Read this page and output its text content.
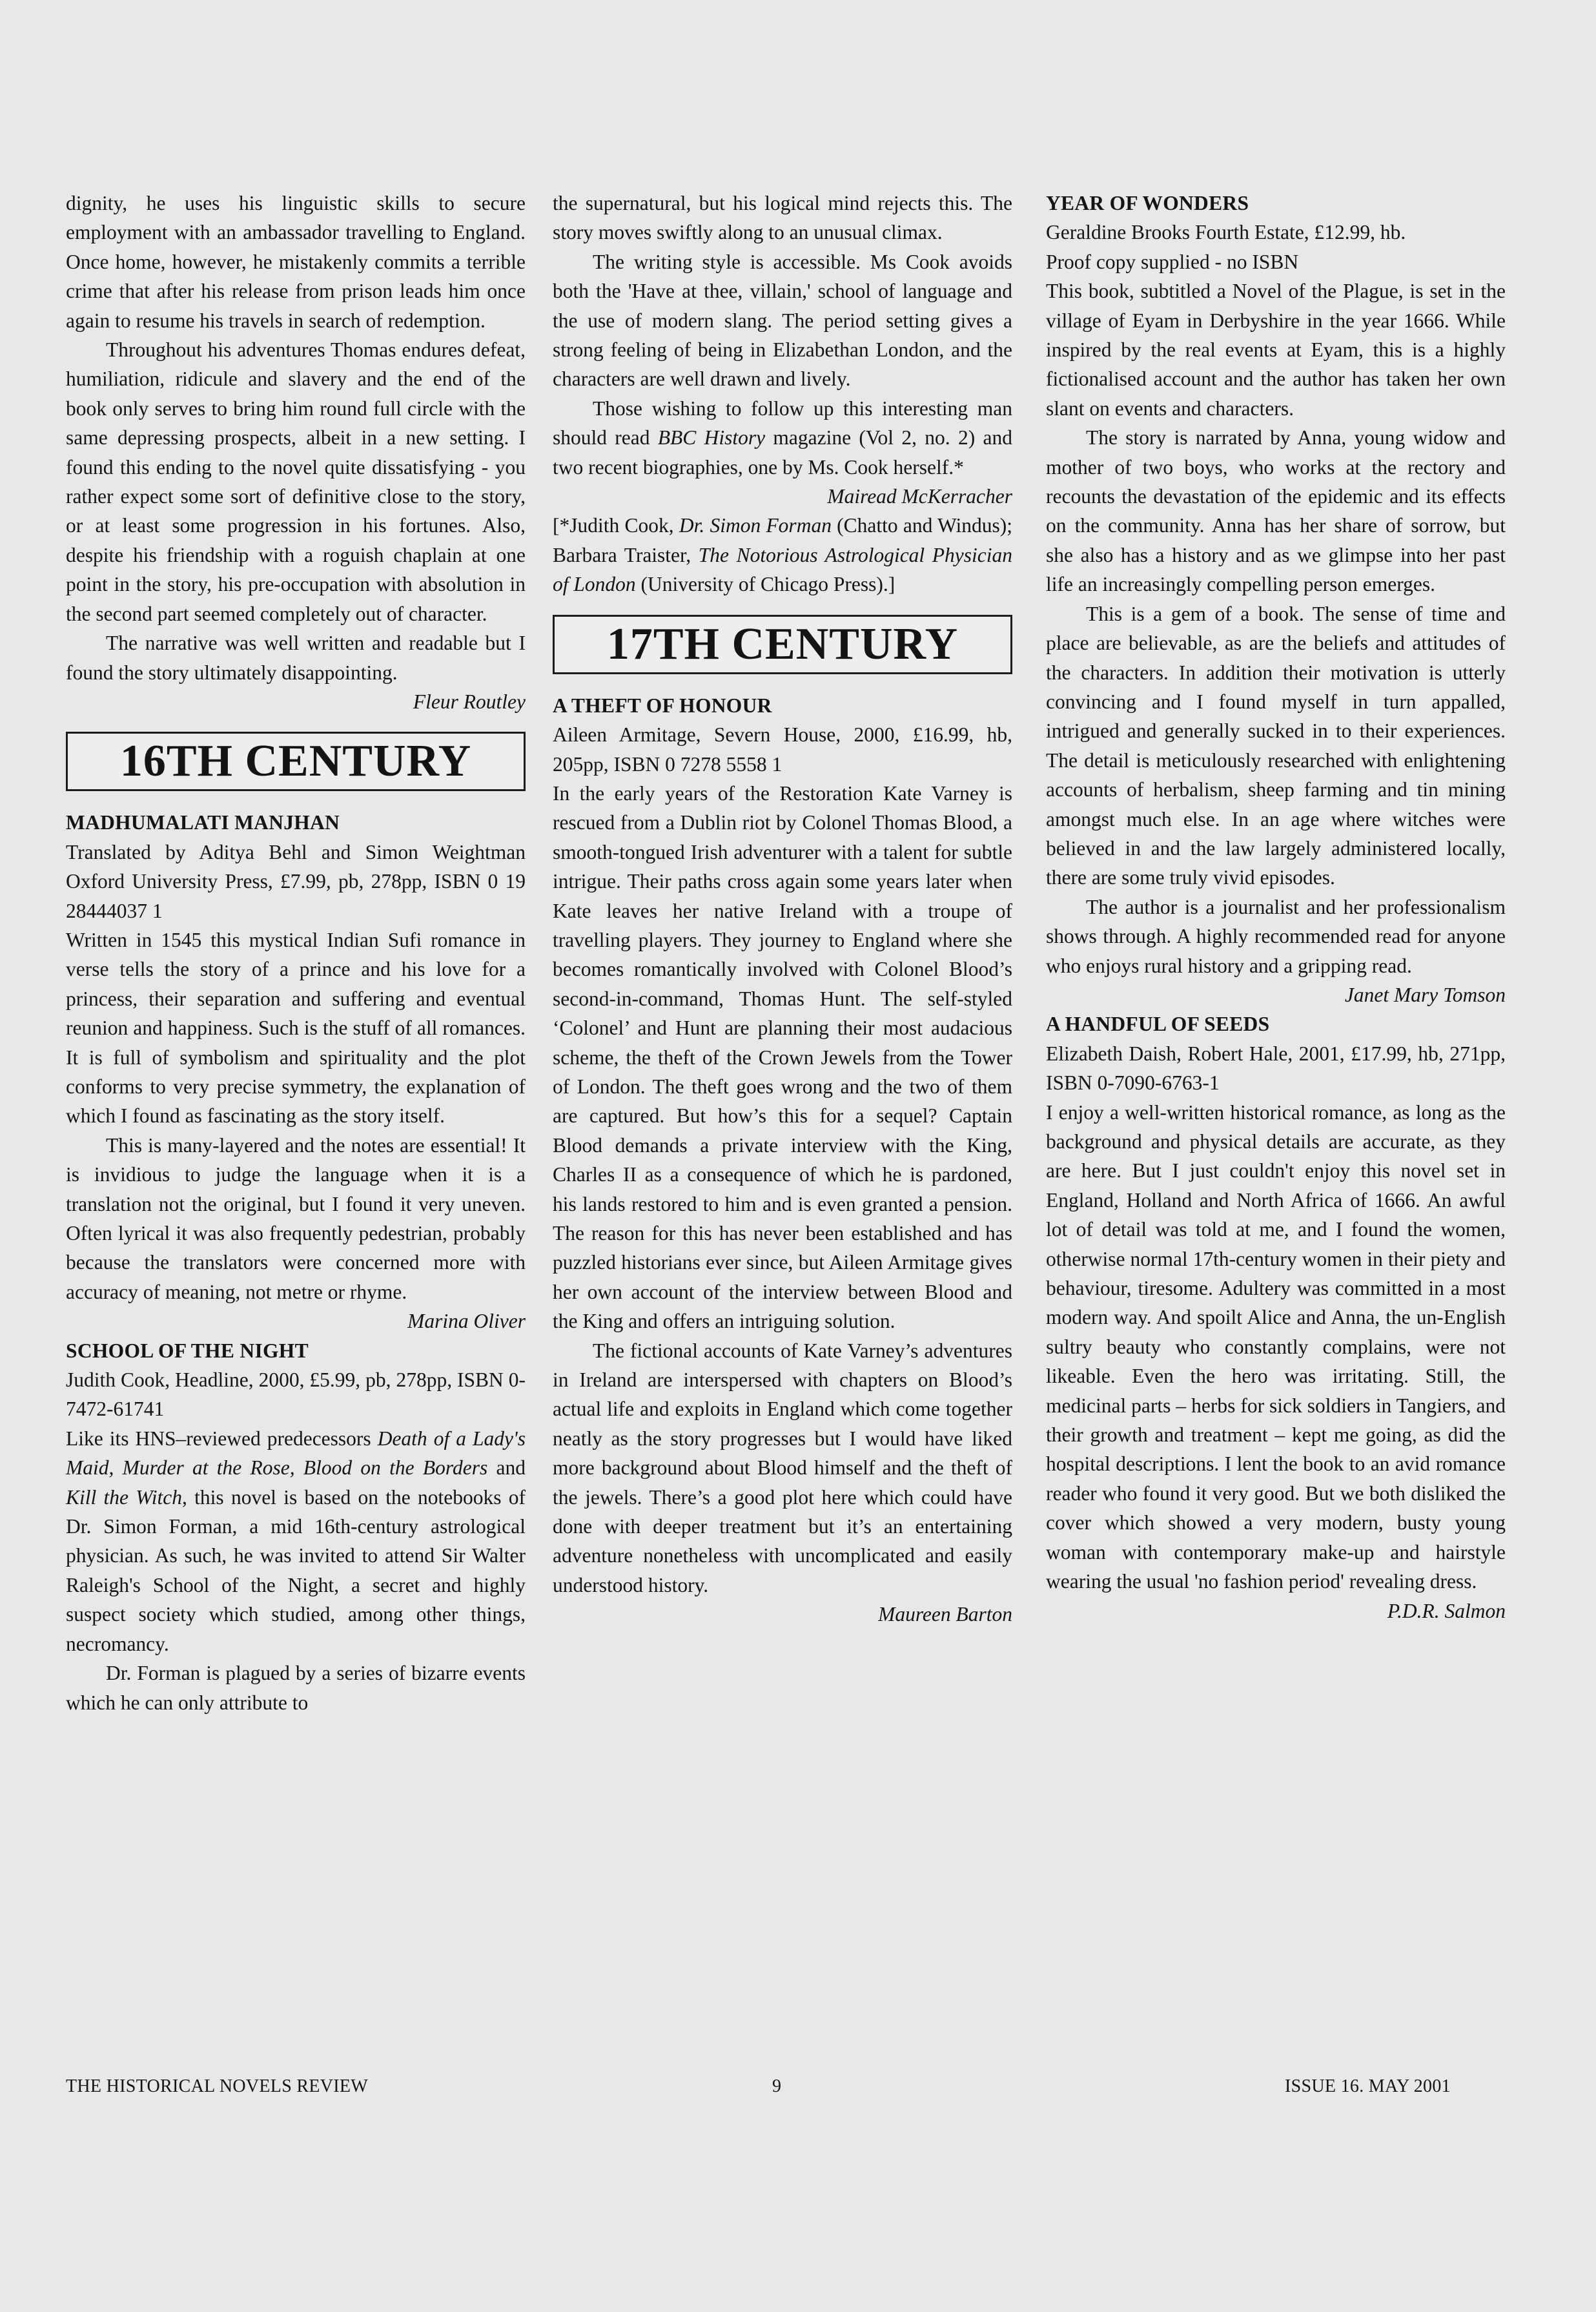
dignity, he uses his linguistic skills to secure employment with an ambassador travelling to England. Once home, however, he mistakenly commits a terrible crime that after his release from prison leads him once again to resume his travels in search of redemption.

Throughout his adventures Thomas endures defeat, humiliation, ridicule and slavery and the end of the book only serves to bring him round full circle with the same depressing prospects, albeit in a new setting. I found this ending to the novel quite dissatisfying - you rather expect some sort of definitive close to the story, or at least some progression in his fortunes. Also, despite his friendship with a roguish chaplain at one point in the story, his pre-occupation with absolution in the second part seemed completely out of character.

The narrative was well written and readable but I found the story ultimately disappointing.

Fleur Routley

16TH CENTURY

MADHUMALATI MANJHAN

Translated by Aditya Behl and Simon Weightman Oxford University Press, £7.99, pb, 278pp, ISBN 0 19 28444037 1

Written in 1545 this mystical Indian Sufi romance in verse tells the story of a prince and his love for a princess, their separation and suffering and eventual reunion and happiness. Such is the stuff of all romances. It is full of symbolism and spirituality and the plot conforms to very precise symmetry, the explanation of which I found as fascinating as the story itself.

This is many-layered and the notes are essential! It is invidious to judge the language when it is a translation not the original, but I found it very uneven. Often lyrical it was also frequently pedestrian, probably because the translators were concerned more with accuracy of meaning, not metre or rhyme.

Marina Oliver

SCHOOL OF THE NIGHT

Judith Cook, Headline, 2000, £5.99, pb, 278pp, ISBN 0-7472-61741

Like its HNS–reviewed predecessors Death of a Lady's Maid, Murder at the Rose, Blood on the Borders and Kill the Witch, this novel is based on the notebooks of Dr. Simon Forman, a mid 16th-century astrological physician. As such, he was invited to attend Sir Walter Raleigh's School of the Night, a secret and highly suspect society which studied, among other things, necromancy.

Dr. Forman is plagued by a series of bizarre events which he can only attribute to

the supernatural, but his logical mind rejects this. The story moves swiftly along to an unusual climax.

The writing style is accessible. Ms Cook avoids both the 'Have at thee, villain,' school of language and the use of modern slang. The period setting gives a strong feeling of being in Elizabethan London, and the characters are well drawn and lively.

Those wishing to follow up this interesting man should read BBC History magazine (Vol 2, no. 2) and two recent biographies, one by Ms. Cook herself.*

Mairead McKerracher

[*Judith Cook, Dr. Simon Forman (Chatto and Windus); Barbara Traister, The Notorious Astrological Physician of London (University of Chicago Press).]

17TH CENTURY

A THEFT OF HONOUR

Aileen Armitage, Severn House, 2000, £16.99, hb, 205pp, ISBN 0 7278 5558 1

In the early years of the Restoration Kate Varney is rescued from a Dublin riot by Colonel Thomas Blood, a smooth-tongued Irish adventurer with a talent for subtle intrigue. Their paths cross again some years later when Kate leaves her native Ireland with a troupe of travelling players. They journey to England where she becomes romantically involved with Colonel Blood’s second-in-command, Thomas Hunt. The self-styled ‘Colonel’ and Hunt are planning their most audacious scheme, the theft of the Crown Jewels from the Tower of London. The theft goes wrong and the two of them are captured. But how’s this for a sequel? Captain Blood demands a private interview with the King, Charles II as a consequence of which he is pardoned, his lands restored to him and is even granted a pension. The reason for this has never been established and has puzzled historians ever since, but Aileen Armitage gives her own account of the interview between Blood and the King and offers an intriguing solution.

The fictional accounts of Kate Varney’s adventures in Ireland are interspersed with chapters on Blood’s actual life and exploits in England which come together neatly as the story progresses but I would have liked more background about Blood himself and the theft of the jewels. There’s a good plot here which could have done with deeper treatment but it’s an entertaining adventure nonetheless with uncomplicated and easily understood history.

Maureen Barton

YEAR OF WONDERS

Geraldine Brooks Fourth Estate, £12.99, hb.

Proof copy supplied - no ISBN

This book, subtitled a Novel of the Plague, is set in the village of Eyam in Derbyshire in the year 1666. While inspired by the real events at Eyam, this is a highly fictionalised account and the author has taken her own slant on events and characters.

The story is narrated by Anna, young widow and mother of two boys, who works at the rectory and recounts the devastation of the epidemic and its effects on the community. Anna has her share of sorrow, but she also has a history and as we glimpse into her past life an increasingly compelling person emerges.

This is a gem of a book. The sense of time and place are believable, as are the beliefs and attitudes of the characters. In addition their motivation is utterly convincing and I found myself in turn appalled, intrigued and generally sucked in to their experiences. The detail is meticulously researched with enlightening accounts of herbalism, sheep farming and tin mining amongst much else. In an age where witches were believed in and the law largely administered locally, there are some truly vivid episodes.

The author is a journalist and her professionalism shows through. A highly recommended read for anyone who enjoys rural history and a gripping read.

Janet Mary Tomson

A HANDFUL OF SEEDS

Elizabeth Daish, Robert Hale, 2001, £17.99, hb, 271pp, ISBN 0-7090-6763-1

I enjoy a well-written historical romance, as long as the background and physical details are accurate, as they are here. But I just couldn't enjoy this novel set in England, Holland and North Africa of 1666. An awful lot of detail was told at me, and I found the women, otherwise normal 17th-century women in their piety and behaviour, tiresome. Adultery was committed in a most modern way. And spoilt Alice and Anna, the un-English sultry beauty who constantly complains, were not likeable. Even the hero was irritating. Still, the medicinal parts – herbs for sick soldiers in Tangiers, and their growth and treatment – kept me going, as did the hospital descriptions. I lent the book to an avid romance reader who found it very good. But we both disliked the cover which showed a very modern, busty young woman with contemporary make-up and hairstyle wearing the usual 'no fashion period' revealing dress.

P.D.R. Salmon

THE HISTORICAL NOVELS REVIEW	9	ISSUE 16. MAY 2001
